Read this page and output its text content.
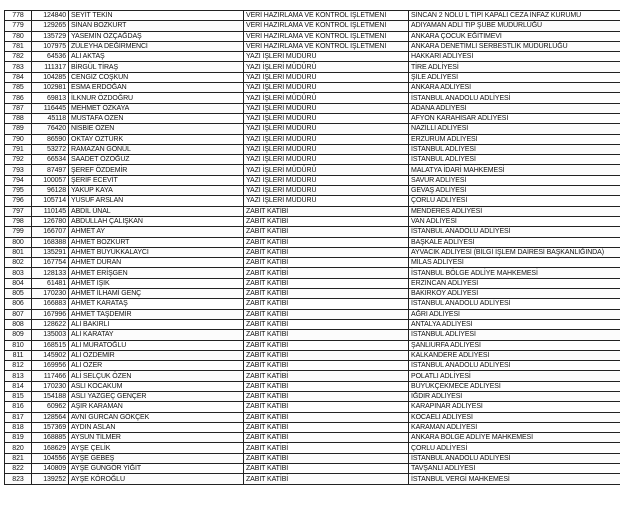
778	124840	SEYİT TEKİN	VERİ HAZIRLAMA VE KONTROL İŞLETMENİ	SİNCAN 2 NOLU L TİPİ KAPALI CEZA İNFAZ KURUMU
779	129265	SİNAN BOZKURT	VERİ HAZIRLAMA VE KONTROL İŞLETMENİ	ADIYAMAN ADLİ TIP ŞUBE MÜDÜRLÜĞÜ
780	135729	YASEMİN ÖZÇAĞDAŞ	VERİ HAZIRLAMA VE KONTROL İŞLETMENİ	ANKARA ÇOCUK EĞİTİMEVİ
781	107975	ZÜLEYHA DEĞİRMENCİ	VERİ HAZIRLAMA VE KONTROL İŞLETMENİ	ANKARA DENETİMLİ SERBESTLİK MÜDÜRLÜĞÜ
782	64536	ALİ AKTAŞ	YAZI İŞLERİ MÜDÜRÜ	HAKKARİ ADLİYESİ
783	111317	BİRGÜL TİRAŞ	YAZI İŞLERİ MÜDÜRÜ	TİRE ADLİYESİ
784	104285	CENGİZ COŞKUN	YAZI İŞLERİ MÜDÜRÜ	ŞİLE ADLİYESİ
785	102981	ESMA ERDOĞAN	YAZI İŞLERİ MÜDÜRÜ	ANKARA ADLİYESİ
786	69813	İLKNUR ÖZDOĞRU	YAZI İŞLERİ MÜDÜRÜ	İSTANBUL ANADOLU ADLİYESİ
787	116445	MEHMET ÖZKAYA	YAZI İŞLERİ MÜDÜRÜ	ADANA ADLİYESİ
788	45118	MUSTAFA ÖZEN	YAZI İŞLERİ MÜDÜRÜ	AFYON KARAHİSAR ADLİYESİ
789	76420	NİSBİE ÖZEN	YAZI İŞLERİ MÜDÜRÜ	NAZİLLİ ADLİYESİ
790	86590	OKTAY ÖZTÜRK	YAZI İŞLERİ MÜDÜRÜ	ERZURUM ADLİYESİ
791	53272	RAMAZAN GÖNÜL	YAZI İŞLERİ MÜDÜRÜ	İSTANBUL ADLİYESİ
792	66534	SAADET ÖZOĞUZ	YAZI İŞLERİ MÜDÜRÜ	İSTANBUL ADLİYESİ
793	87497	ŞEREF ÖZDEMİR	YAZI İŞLERİ MÜDÜRÜ	MALATYA İDARİ MAHKEMESİ
794	100057	ŞERİF ECEVİT	YAZI İŞLERİ MÜDÜRÜ	SAVUR ADLİYESİ
795	96128	YAKUP KAYA	YAZI İŞLERİ MÜDÜRÜ	GEVAŞ ADLİYESİ
796	105714	YUSUF ARSLAN	YAZI İŞLERİ MÜDÜRÜ	ÇORLU ADLİYESİ
797	110145	ABDİL ÜNAL	ZABIT KATİBİ	MENDERES ADLİYESİ
798	126780	ABDULLAH ÇALIŞKAN	ZABIT KATİBİ	VAN ADLİYESİ
799	166707	AHMET AY	ZABIT KATİBİ	İSTANBUL ANADOLU ADLİYESİ
800	168388	AHMET BOZKURT	ZABIT KATİBİ	BAŞKALE ADLİYESİ
801	135291	AHMET BÜYÜKKALAYCI	ZABIT KATİBİ	AYVACIK ADLİYESİ (BİLGİ İŞLEM DAİRESİ BAŞKANLIĞINDA)
802	167754	AHMET DURAN	ZABIT KATİBİ	MİLAS ADLİYESİ
803	128133	AHMET ERİŞGEN	ZABIT KATİBİ	İSTANBUL BÖLGE ADLİYE MAHKEMESİ
804	61481	AHMET IŞIK	ZABIT KATİBİ	ERZİNCAN ADLİYESİ
805	170230	AHMET İLHAMİ GENÇ	ZABIT KATİBİ	BAKIRKÖY ADLİYESİ
806	166883	AHMET KARATAŞ	ZABIT KATİBİ	İSTANBUL ANADOLU ADLİYESİ
807	167996	AHMET TAŞDEMİR	ZABIT KATİBİ	AĞRI ADLİYESİ
808	128622	ALİ BAKIRLI	ZABIT KATİBİ	ANTALYA ADLİYESİ
809	135003	ALİ KARATAY	ZABIT KATİBİ	İSTANBUL ADLİYESİ
810	168515	ALİ MURATOĞLU	ZABIT KATİBİ	ŞANLIURFA ADLİYESİ
811	145902	ALİ ÖZDEMİR	ZABIT KATİBİ	KALKANDERE ADLİYESİ
812	169956	ALİ ÖZER	ZABIT KATİBİ	İSTANBUL ANADOLU ADLİYESİ
813	117466	ALİ SELÇUK ÖZEN	ZABIT KATİBİ	POLATLI ADLİYESİ
814	170230	ASLI KOCAKUM	ZABIT KATİBİ	BÜYÜKÇEKMECE ADLİYESİ
815	154188	ASLI YAZGEÇ GENÇER	ZABIT KATİBİ	IĞDIR ADLİYESİ
816	60962	AŞIR KARAMAN	ZABIT KATİBİ	KARAPINAR ADLİYESİ
817	128564	AVNİ GÜRCAN GÖKÇEK	ZABIT KATİBİ	KOCAELİ ADLİYESİ
818	157369	AYDIN ASLAN	ZABIT KATİBİ	KARAMAN ADLİYESİ
819	168885	AYSUN TİLMER	ZABIT KATİBİ	ANKARA BÖLGE ADLİYE MAHKEMESİ
820	168629	AYŞE ÇELİK	ZABIT KATİBİ	ÇORLU ADLİYESİ
821	104556	AYŞE GEBEŞ	ZABIT KATİBİ	İSTANBUL ANADOLU ADLİYESİ
822	140809	AYŞE GÜNGÖR YİĞİT	ZABIT KATİBİ	TAVŞANLI ADLİYESİ
823	139252	AYŞE KÖROĞLU	ZABIT KATİBİ	İSTANBUL VERGİ MAHKEMESİ
